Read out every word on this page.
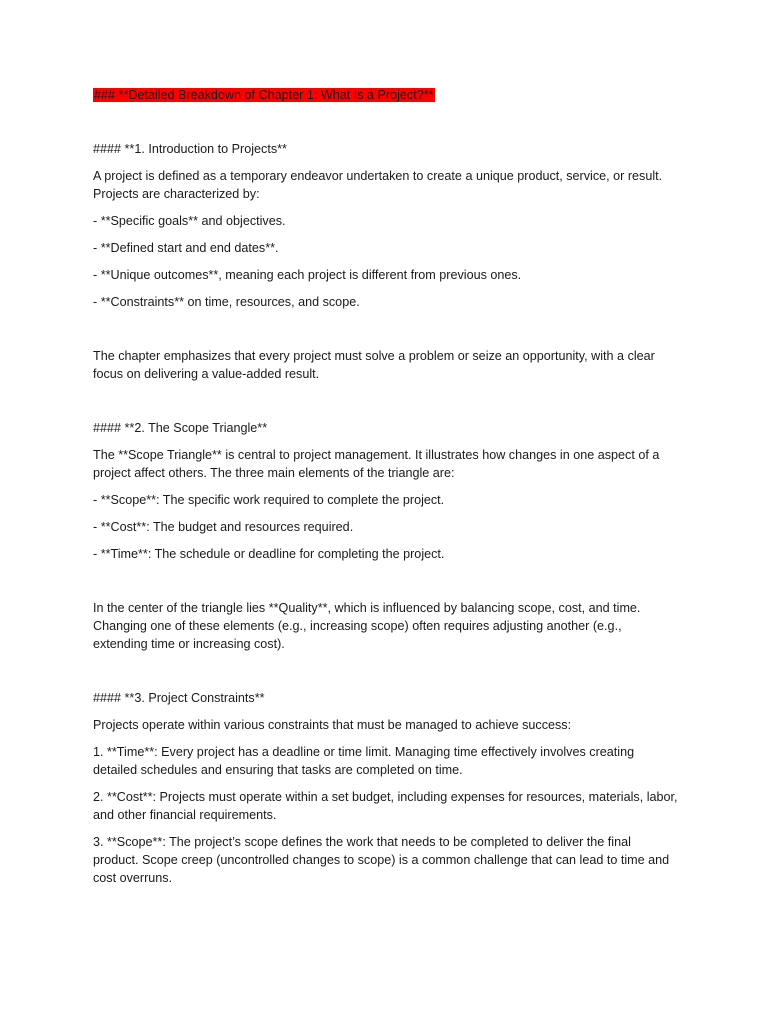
### **Detailed Breakdown of Chapter 1: What Is a Project?**

#### **1. Introduction to Projects**

A project is defined as a temporary endeavor undertaken to create a unique product, service, or result. Projects are characterized by:

- **Specific goals** and objectives.

- **Defined start and end dates**.

- **Unique outcomes**, meaning each project is different from previous ones.

- **Constraints** on time, resources, and scope.

The chapter emphasizes that every project must solve a problem or seize an opportunity, with a clear focus on delivering a value-added result.

#### **2. The Scope Triangle**

The **Scope Triangle** is central to project management. It illustrates how changes in one aspect of a project affect others. The three main elements of the triangle are:

- **Scope**: The specific work required to complete the project.

- **Cost**: The budget and resources required.

- **Time**: The schedule or deadline for completing the project.

In the center of the triangle lies **Quality**, which is influenced by balancing scope, cost, and time. Changing one of these elements (e.g., increasing scope) often requires adjusting another (e.g., extending time or increasing cost).

#### **3. Project Constraints**

Projects operate within various constraints that must be managed to achieve success:

1. **Time**: Every project has a deadline or time limit. Managing time effectively involves creating detailed schedules and ensuring that tasks are completed on time.

2. **Cost**: Projects must operate within a set budget, including expenses for resources, materials, labor, and other financial requirements.

3. **Scope**: The project’s scope defines the work that needs to be completed to deliver the final product. Scope creep (uncontrolled changes to scope) is a common challenge that can lead to time and cost overruns.
